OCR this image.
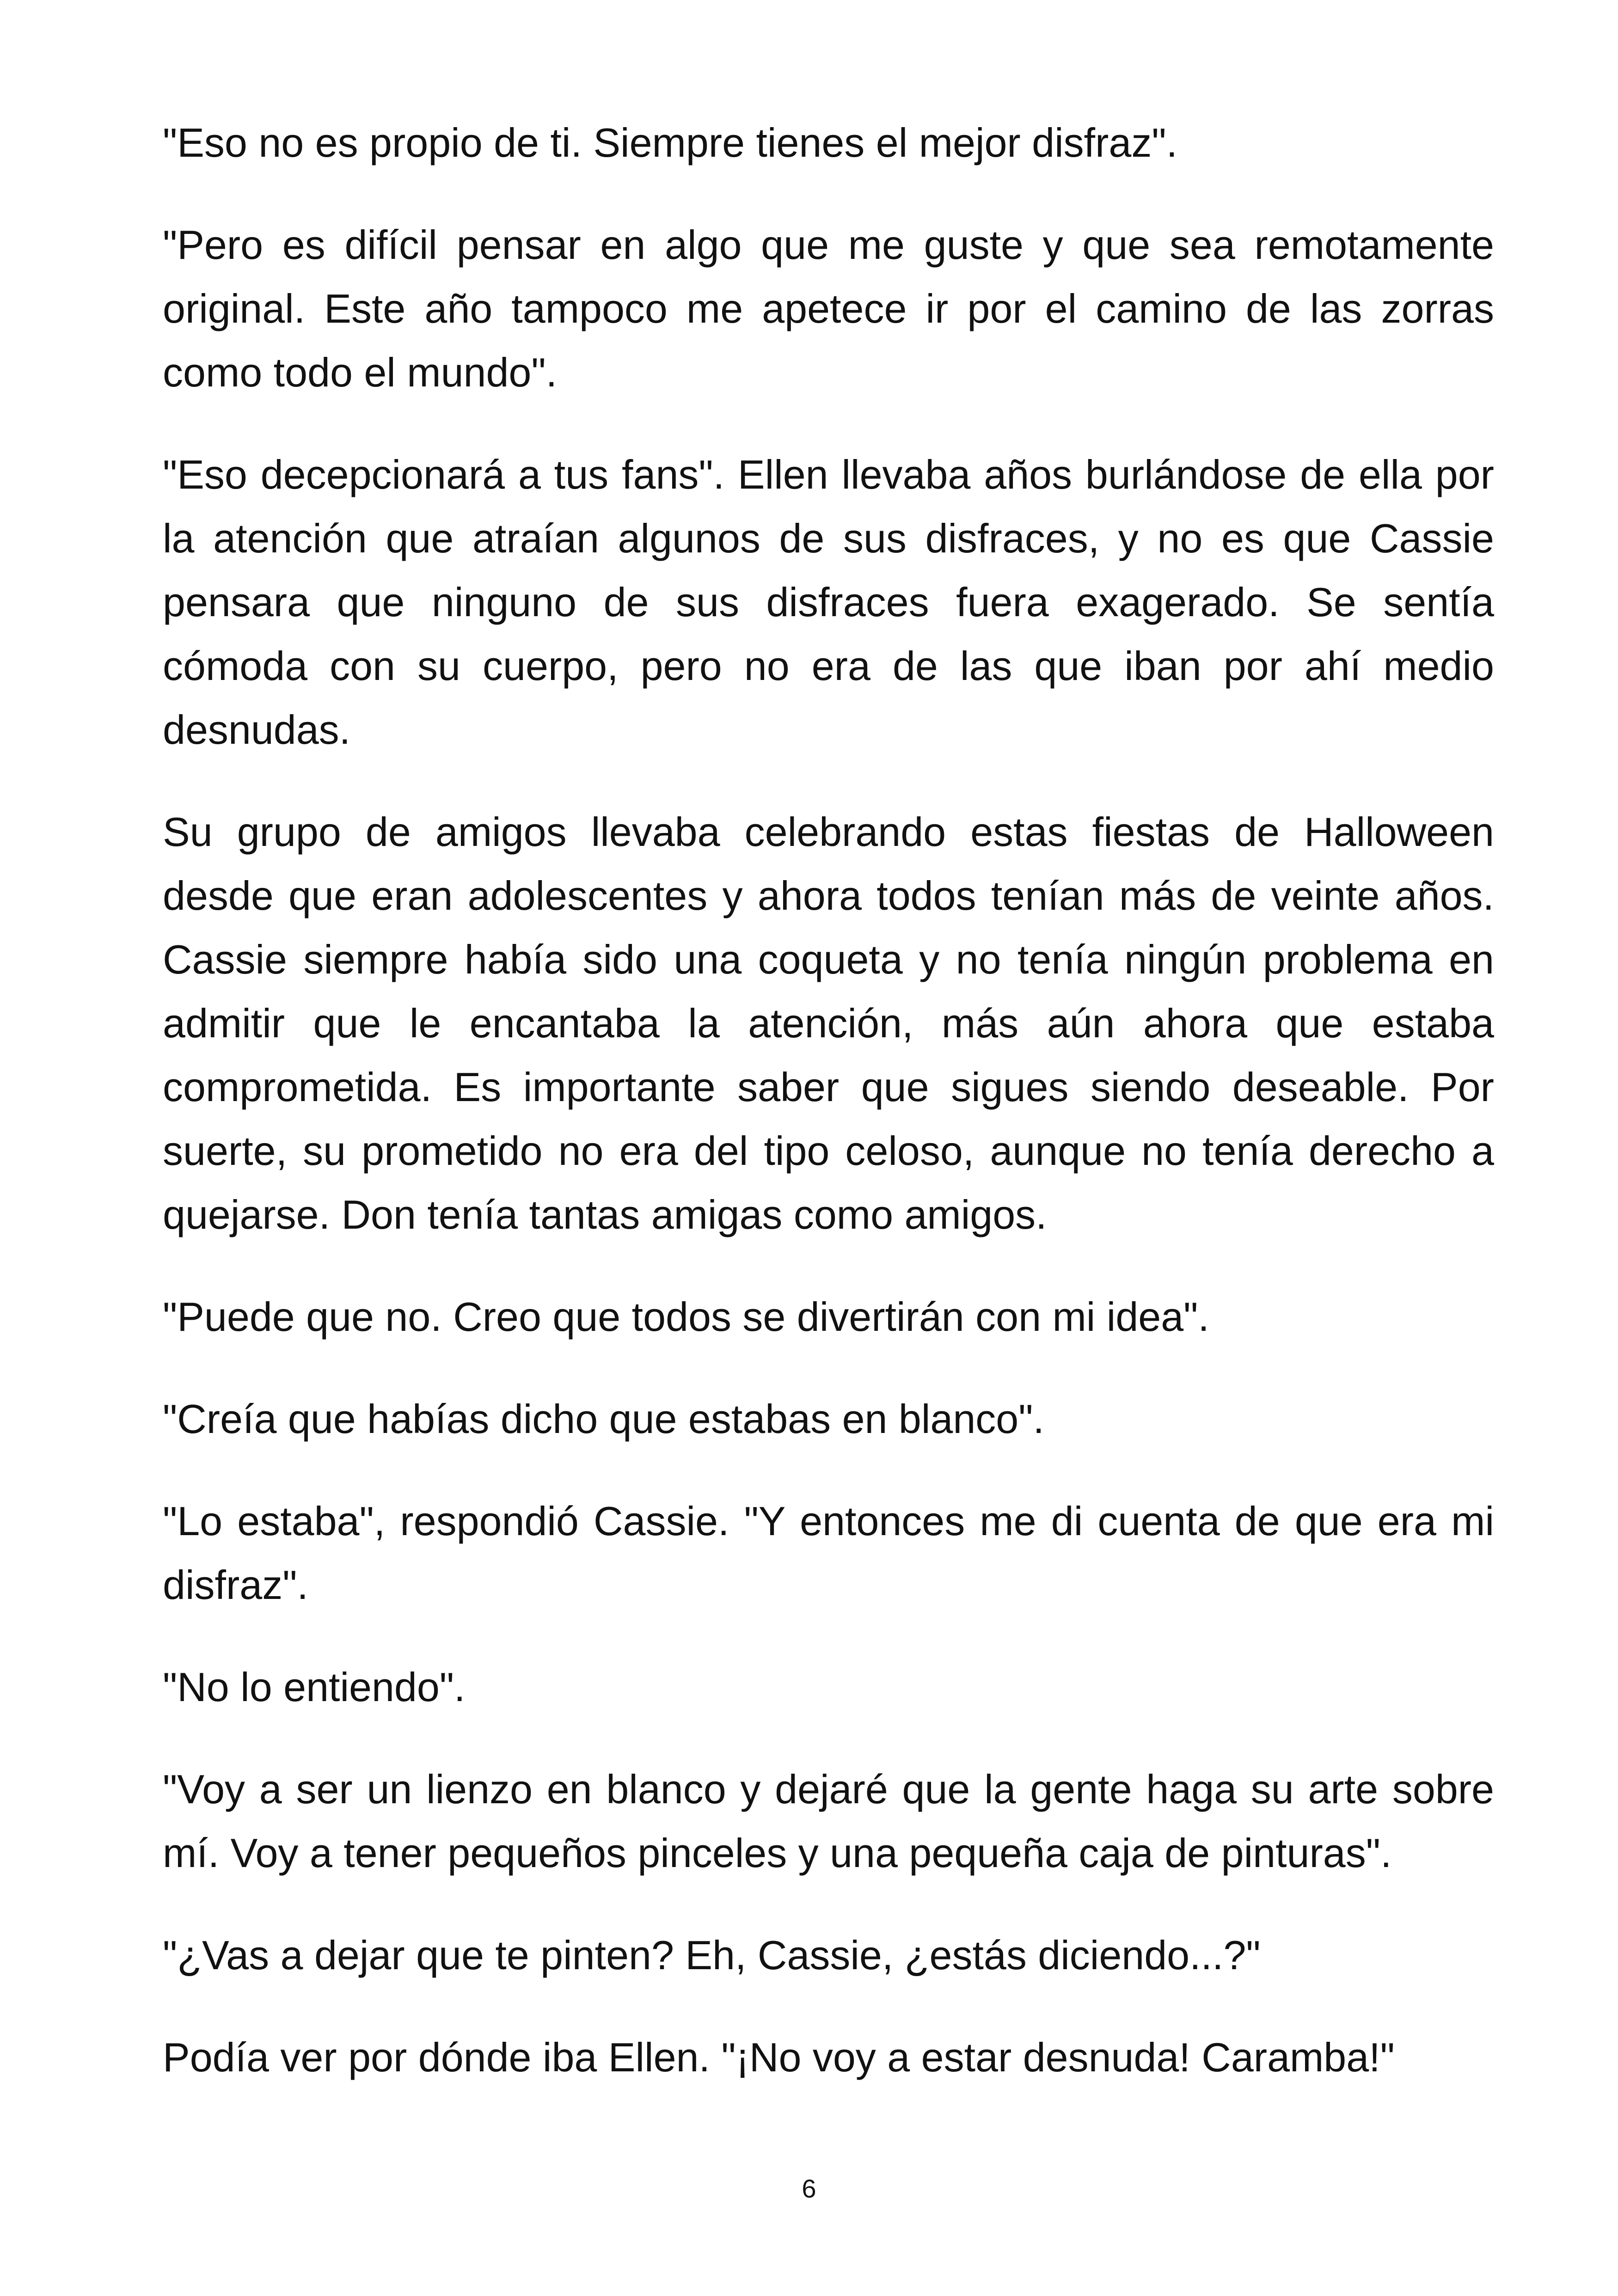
"Eso no es propio de ti. Siempre tienes el mejor disfraz".

"Pero es difícil pensar en algo que me guste y que sea remotamente original. Este año tampoco me apetece ir por el camino de las zorras como todo el mundo".

"Eso decepcionará a tus fans". Ellen llevaba años burlándose de ella por la atención que atraían algunos de sus disfraces, y no es que Cassie pensara que ninguno de sus disfraces fuera exagerado. Se sentía cómoda con su cuerpo, pero no era de las que iban por ahí medio desnudas.

Su grupo de amigos llevaba celebrando estas fiestas de Halloween desde que eran adolescentes y ahora todos tenían más de veinte años. Cassie siempre había sido una coqueta y no tenía ningún problema en admitir que le encantaba la atención, más aún ahora que estaba comprometida. Es importante saber que sigues siendo deseable. Por suerte, su prometido no era del tipo celoso, aunque no tenía derecho a quejarse. Don tenía tantas amigas como amigos.

"Puede que no. Creo que todos se divertirán con mi idea".

"Creía que habías dicho que estabas en blanco".

"Lo estaba", respondió Cassie. "Y entonces me di cuenta de que era mi disfraz".

"No lo entiendo".

"Voy a ser un lienzo en blanco y dejaré que la gente haga su arte sobre mí. Voy a tener pequeños pinceles y una pequeña caja de pinturas".

"¿Vas a dejar que te pinten? Eh, Cassie, ¿estás diciendo...?"

Podía ver por dónde iba Ellen. "¡No voy a estar desnuda! Caramba!"

6
